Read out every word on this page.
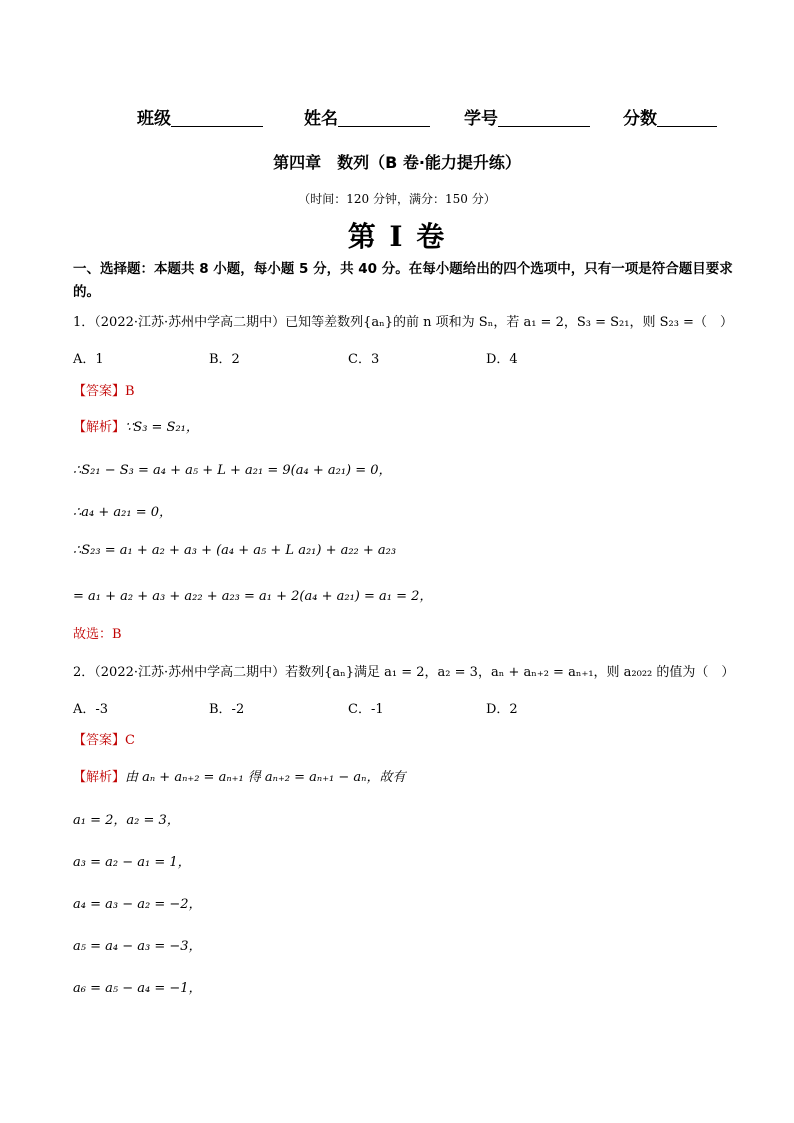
班级	姓名	学号	分数
第四章　数列（B 卷·能力提升练）
（时间：120 分钟，满分：150 分）
第 I 卷
一、选择题：本题共 8 小题，每小题 5 分，共 40 分。在每小题给出的四个选项中，只有一项是符合题目要求的。
1．（2022·江苏·苏州中学高二期中）已知等差数列{aₙ}的前 n 项和为 Sₙ，若 a₁ = 2，S₃ = S₂₁，则 S₂₃ =（　）
A．1	B．2	C．3	D．4
【答案】B
【解析】∵S₃ = S₂₁，
∴S₂₁ − S₃ = a₄ + a₅ + L + a₂₁ = 9(a₄ + a₂₁) = 0，
∴a₄ + a₂₁ = 0，
∴S₂₃ = a₁ + a₂ + a₃ + (a₄ + a₅ + L a₂₁) + a₂₂ + a₂₃
= a₁ + a₂ + a₃ + a₂₂ + a₂₃ = a₁ + 2(a₄ + a₂₁) = a₁ = 2，
故选：B
2．（2022·江苏·苏州中学高二期中）若数列{aₙ}满足 a₁ = 2，a₂ = 3，aₙ + aₙ₊₂ = aₙ₊₁，则 a₂₀₂₂ 的值为（　）
A．-3	B．-2	C．-1	D．2
【答案】C
【解析】由 aₙ + aₙ₊₂ = aₙ₊₁ 得 aₙ₊₂ = aₙ₊₁ − aₙ，故有
a₁ = 2，a₂ = 3，
a₃ = a₂ − a₁ = 1，
a₄ = a₃ − a₂ = −2，
a₅ = a₄ − a₃ = −3，
a₆ = a₅ − a₄ = −1，
